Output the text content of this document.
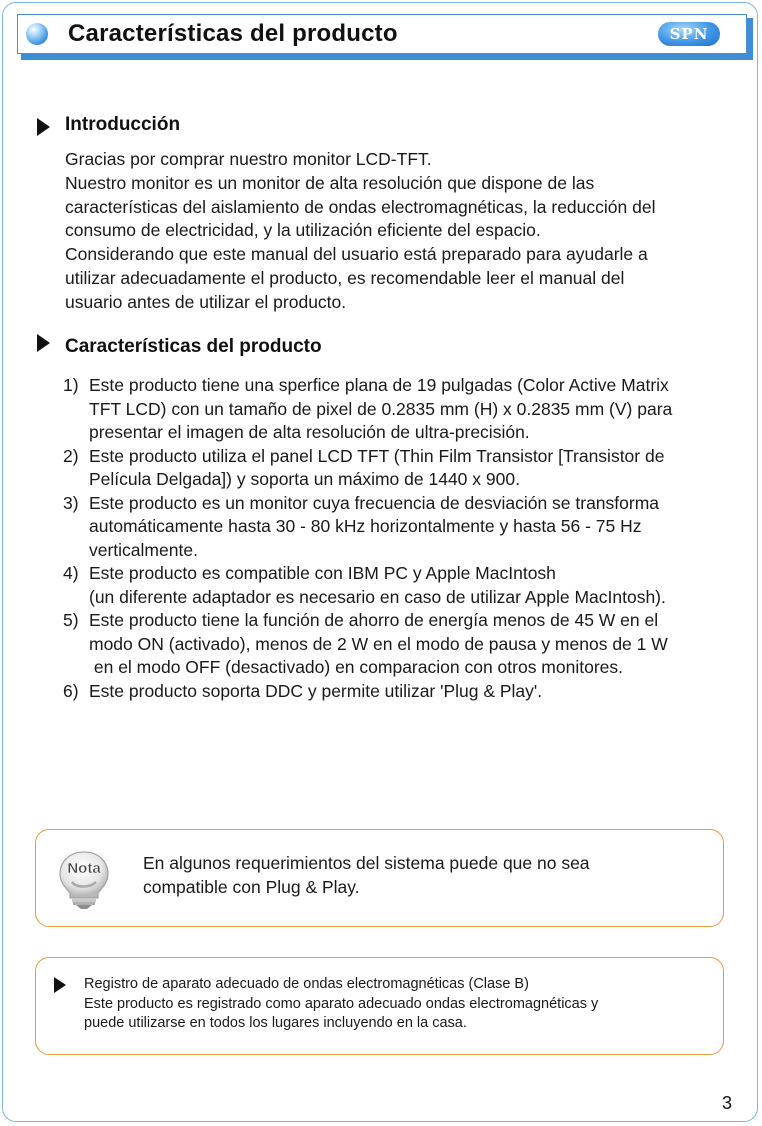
Características del producto	SPN
Introducción
Gracias por comprar nuestro monitor LCD-TFT.
Nuestro monitor es un monitor de alta resolución que dispone de las
características del aislamiento de ondas electromagnéticas, la reducción del
consumo de electricidad, y la utilización eficiente del espacio.
Considerando que este manual del usuario está preparado para ayudarle a
utilizar adecuadamente el producto, es recomendable leer el manual del
usuario antes de utilizar el producto.
Características del producto
1) Este producto tiene una sperfice plana de 19 pulgadas (Color Active Matrix
TFT LCD) con un tamaño de pixel de 0.2835 mm (H) x 0.2835 mm (V) para
presentar el imagen de alta resolución de ultra-precisión.
2) Este producto utiliza el panel LCD TFT (Thin Film Transistor [Transistor de
Película Delgada]) y soporta un máximo de 1440 x 900.
3) Este producto es un monitor cuya frecuencia de desviación se transforma
automáticamente hasta 30 - 80 kHz horizontalmente y hasta 56 - 75 Hz
verticalmente.
4) Este producto es compatible con IBM PC y Apple MacIntosh
(un diferente adaptador es necesario en caso de utilizar Apple MacIntosh).
5) Este producto tiene la función de ahorro de energía menos de 45 W en el
modo ON (activado), menos de 2 W en el modo de pausa y menos de 1 W
en el modo OFF (desactivado) en comparacion con otros monitores.
6) Este producto soporta DDC y permite utilizar 'Plug & Play'.
Nota En algunos requerimientos del sistema puede que no sea
compatible con Plug & Play.
Registro de aparato adecuado de ondas electromagnéticas (Clase B)
Este producto es registrado como aparato adecuado ondas electromagnéticas y
puede utilizarse en todos los lugares incluyendo en la casa.
3
